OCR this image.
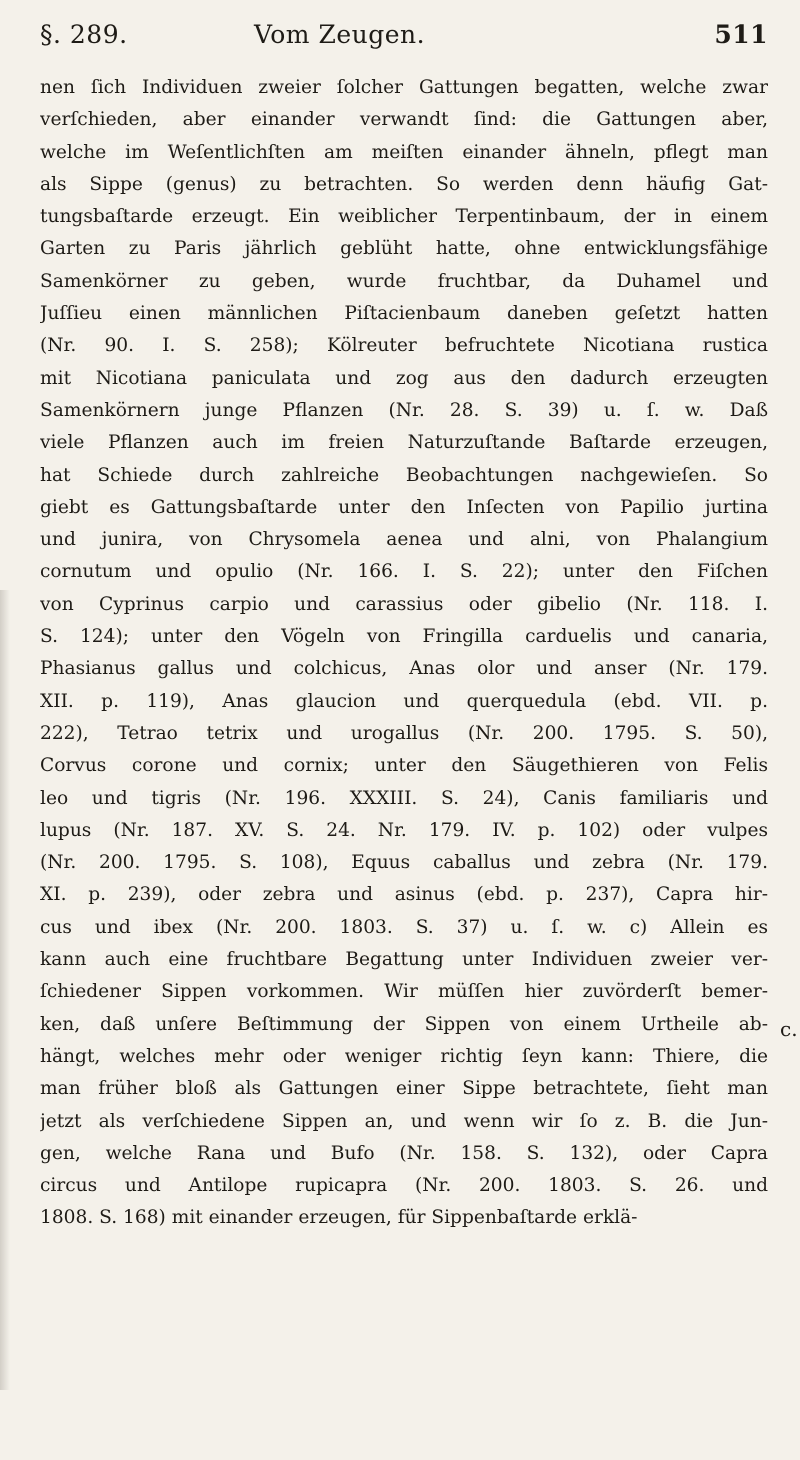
§. 289.	Vom Zeugen.	511
nen ſich Individuen zweier ſolcher Gattungen begatten, welche zwar
verſchieden, aber einander verwandt ſind: die Gattungen aber,
welche im Weſentlichſten am meiſten einander ähneln, pflegt man
als Sippe (genus) zu betrachten. So werden denn häufig Gat-
tungsbaſtarde erzeugt. Ein weiblicher Terpentinbaum, der in einem
Garten zu Paris jährlich geblüht hatte, ohne entwicklungsfähige
Samenkörner zu geben, wurde fruchtbar, da Duhamel und
Juſſieu einen männlichen Piſtacienbaum daneben geſetzt hatten
(Nr. 90. I. S. 258); Kölreuter befruchtete Nicotiana rustica
mit Nicotiana paniculata und zog aus den dadurch erzeugten
Samenkörnern junge Pflanzen (Nr. 28. S. 39) u. ſ. w. Daß
viele Pflanzen auch im freien Naturzuſtande Baſtarde erzeugen,
hat Schiede durch zahlreiche Beobachtungen nachgewieſen. So
giebt es Gattungsbaſtarde unter den Inſecten von Papilio jurtina
und junira, von Chrysomela aenea und alni, von Phalangium
cornutum und opulio (Nr. 166. I. S. 22); unter den Fiſchen
von Cyprinus carpio und carassius oder gibelio (Nr. 118. I.
S. 124); unter den Vögeln von Fringilla carduelis und canaria,
Phasianus gallus und colchicus, Anas olor und anser (Nr. 179.
XII. p. 119), Anas glaucion und querquedula (ebd. VII. p.
222), Tetrao tetrix und urogallus (Nr. 200. 1795. S. 50),
Corvus corone und cornix; unter den Säugethieren von Felis
leo und tigris (Nr. 196. XXXIII. S. 24), Canis familiaris und
lupus (Nr. 187. XV. S. 24. Nr. 179. IV. p. 102) oder vulpes
(Nr. 200. 1795. S. 108), Equus caballus und zebra (Nr. 179.
XI. p. 239), oder zebra und asinus (ebd. p. 237), Capra hir-
cus und ibex (Nr. 200. 1803. S. 37) u. ſ. w. c) Allein es
kann auch eine fruchtbare Begattung unter Individuen zweier ver-
ſchiedener Sippen vorkommen. Wir müſſen hier zuvörderſt bemer-
ken, daß unſere Beſtimmung der Sippen von einem Urtheile ab-
hängt, welches mehr oder weniger richtig ſeyn kann: Thiere, die
man früher bloß als Gattungen einer Sippe betrachtete, ſieht man
jetzt als verſchiedene Sippen an, und wenn wir ſo z. B. die Jun-
gen, welche Rana und Bufo (Nr. 158. S. 132), oder Capra
circus und Antilope rupicapra (Nr. 200. 1803. S. 26. und
1808. S. 168) mit einander erzeugen, für Sippenbaſtarde erklä-
c.
